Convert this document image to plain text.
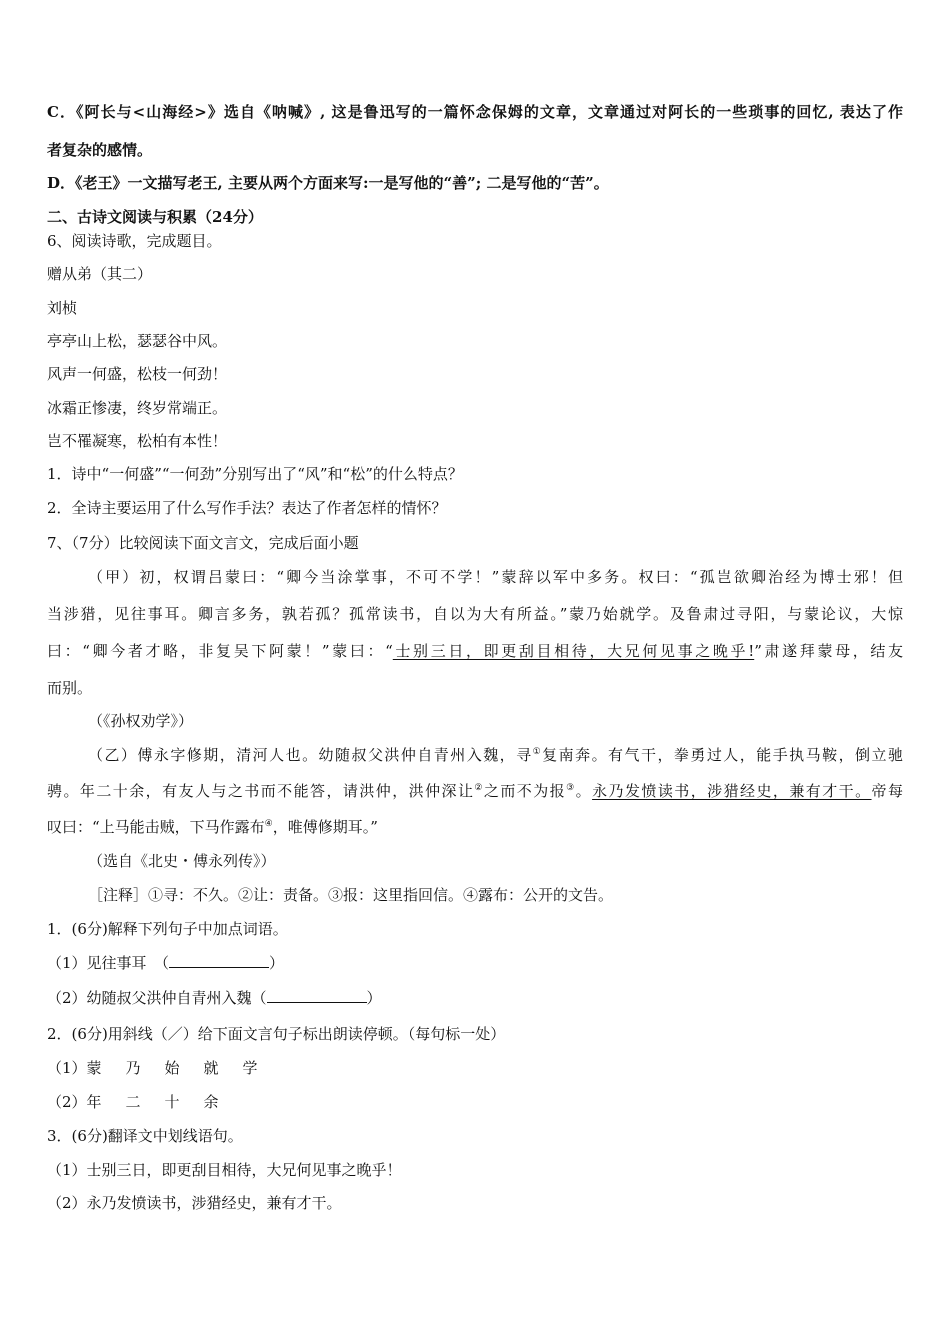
C．《阿长与<山海经>》选自《呐喊》, 这是鲁迅写的一篇怀念保姆的文章，文章通过对阿长的一些琐事的回忆, 表达了作
者复杂的感情。
D．《老王》一文描写老王, 主要从两个方面来写:一是写他的“善”; 二是写他的“苦”。
二、古诗文阅读与积累（24分）
6、阅读诗歌，完成题目。
赠从弟（其二）
刘桢
亭亭山上松，瑟瑟谷中风。
风声一何盛，松枝一何劲！
冰霜正惨凄，终岁常端正。
岂不罹凝寒，松柏有本性！
1．诗中“一何盛”“一何劲”分别写出了“风”和“松”的什么特点？
2．全诗主要运用了什么写作手法？表达了作者怎样的情怀？
7、（7分）比较阅读下面文言文，完成后面小题
（甲）初，权谓吕蒙曰：“卿今当涂掌事，不可不学！”蒙辞以军中多务。权曰：“孤岂欲卿治经为博士邪！但
当涉猎，见往事耳。卿言多务，孰若孤？孤常读书，自以为大有所益。”蒙乃始就学。及鲁肃过寻阳，与蒙论议，大惊
曰：“卿今者才略，非复吴下阿蒙！”蒙曰：“士别三日，即更刮目相待，大兄何见事之晚乎!”肃遂拜蒙母，结友
而别。
（《孙权劝学》）
（乙）傅永字修期，清河人也。幼随叔父洪仲自青州入魏，寻①复南奔。有气干，拳勇过人，能手执马鞍，倒立驰
骋。年二十余，有友人与之书而不能答，请洪仲，洪仲深让②之而不为报③。永乃发愤读书，涉猎经史，兼有才干。帝每
叹曰：“上马能击贼，下马作露布④，唯傅修期耳。”
（选自《北史・傅永列传》）
［注释］①寻：不久。②让：责备。③报：这里指回信。④露布：公开的文告。
1．(6分)解释下列句子中加点词语。
（1）见往事耳　（	）
（2）幼随叔父洪仲自青州入魏（	）
2．(6分)用斜线（／）给下面文言句子标出朗读停顿。（每句标一处）
（1）蒙乃始就学
（2）年二十余
3．(6分)翻译文中划线语句。
（1）士别三日，即更刮目相待，大兄何见事之晚乎！
（2）永乃发愤读书，涉猎经史，兼有才干。
